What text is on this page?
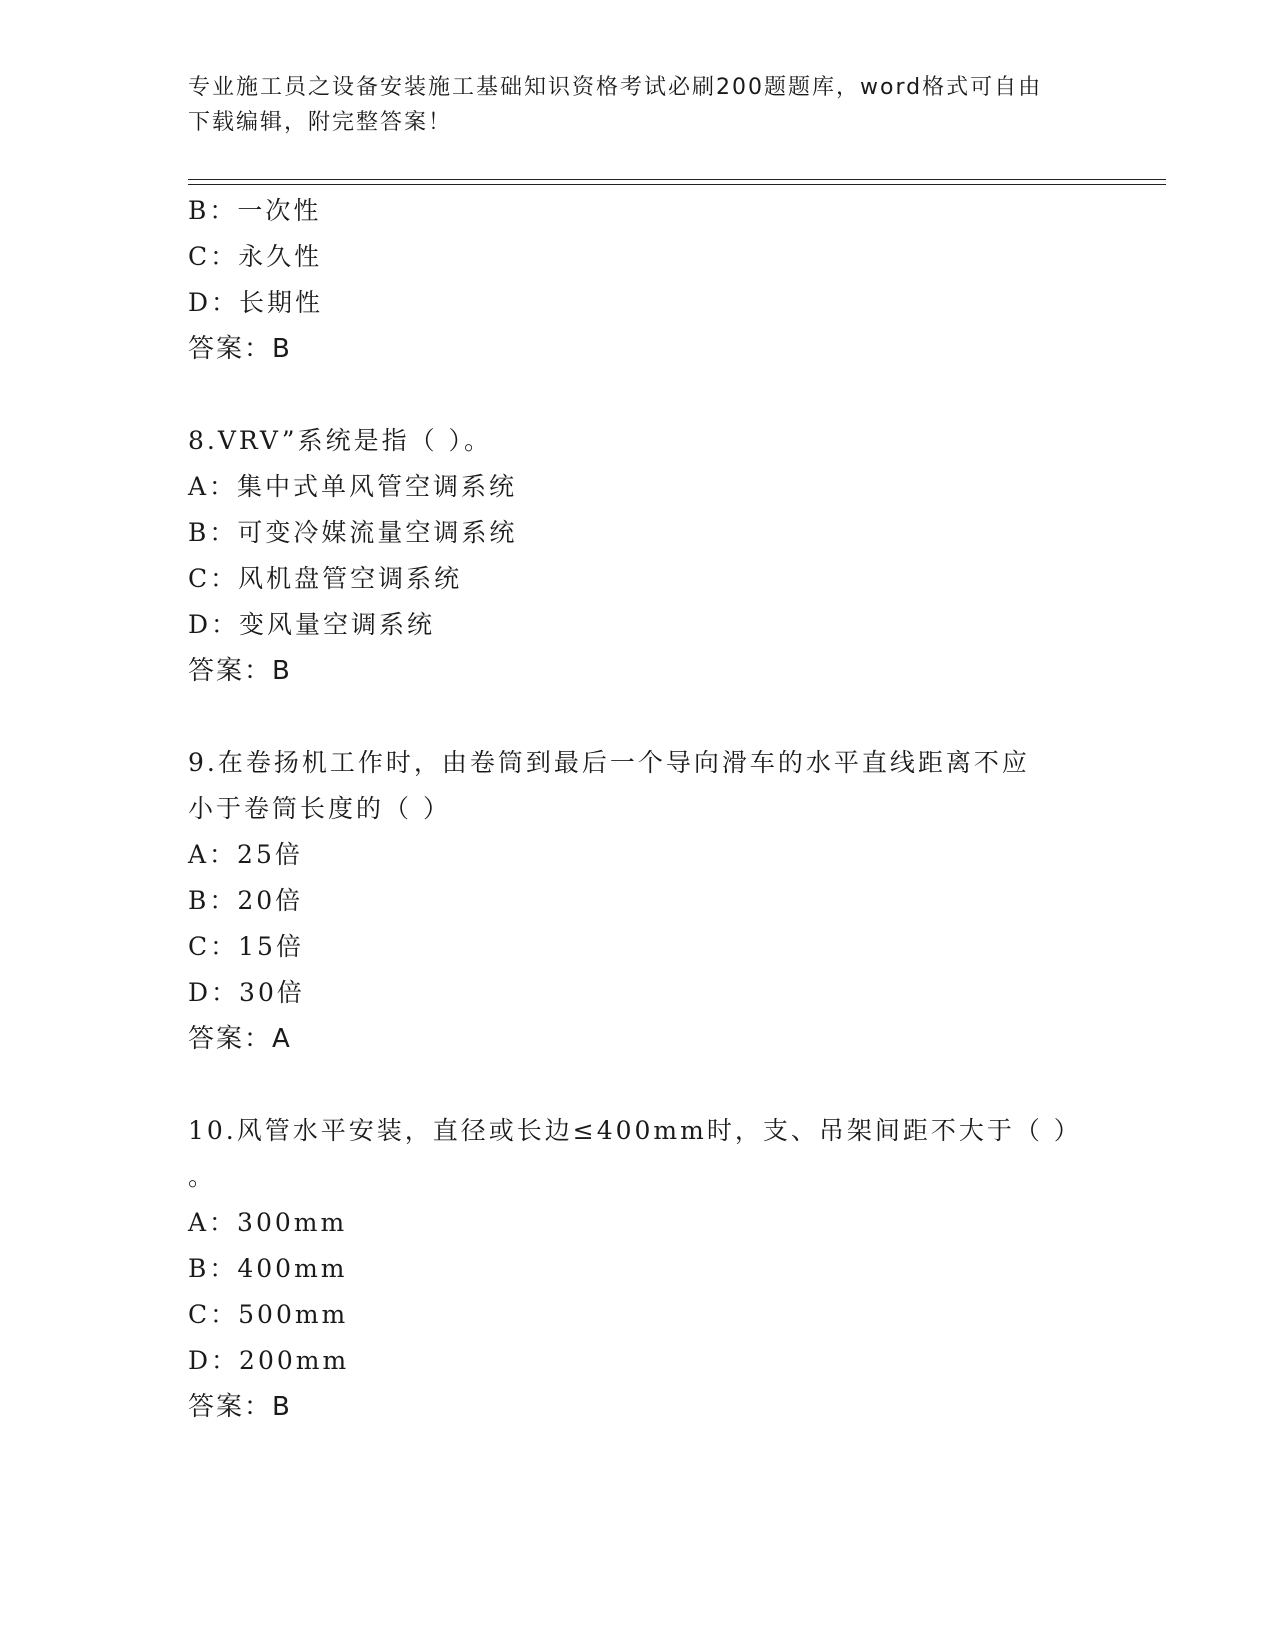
专业施工员之设备安装施工基础知识资格考试必刷200题题库，word格式可自由
下载编辑，附完整答案！
B：一次性
C：永久性
D：长期性
答案：B
8.VRV”系统是指（ ）。
A：集中式单风管空调系统
B：可变冷媒流量空调系统
C：风机盘管空调系统
D：变风量空调系统
答案：B
9.在卷扬机工作时，由卷筒到最后一个导向滑车的水平直线距离不应
小于卷筒长度的（ ）
A：25倍
B：20倍
C：15倍
D：30倍
答案：A
10.风管水平安装，直径或长边≤400mm时，支、吊架间距不大于（ ）
。
A：300mm
B：400mm
C：500mm
D：200mm
答案：B
